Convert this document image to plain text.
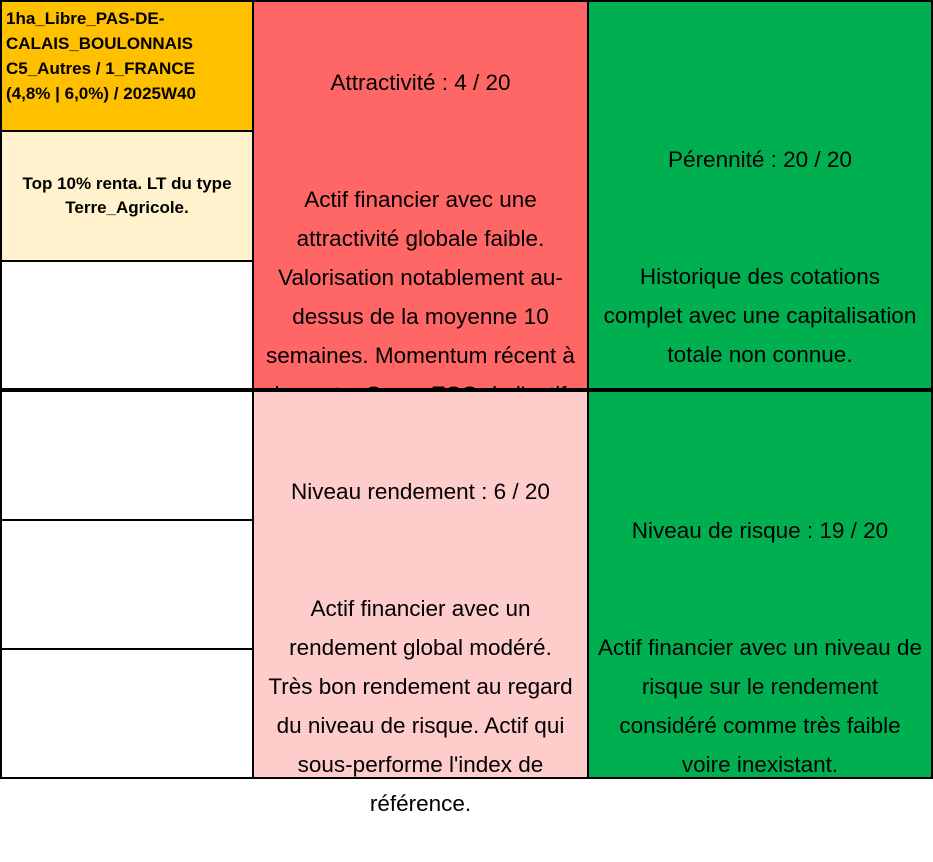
1ha_Libre_PAS-DE-
CALAIS_BOULONNAIS
C5_Autres / 1_FRANCE
(4,8% | 6,0%) / 2025W40
Top 10% renta. LT du type
Terre_Agricole.

Attractivité : 4 / 20

Actif financier avec une
attractivité globale faible.
Valorisation notablement au-
dessus de la moyenne 10
semaines. Momentum récent à

Pérennité : 20 / 20

Historique des cotations
complet avec une capitalisation
totale non connue.

Niveau rendement : 6 / 20

Actif financier avec un
rendement global modéré.
Très bon rendement au regard
du niveau de risque. Actif qui
sous-performe l'index de
référence.

Niveau de risque : 19 / 20

Actif financier avec un niveau de
risque sur le rendement
considéré comme très faible
voire inexistant.
